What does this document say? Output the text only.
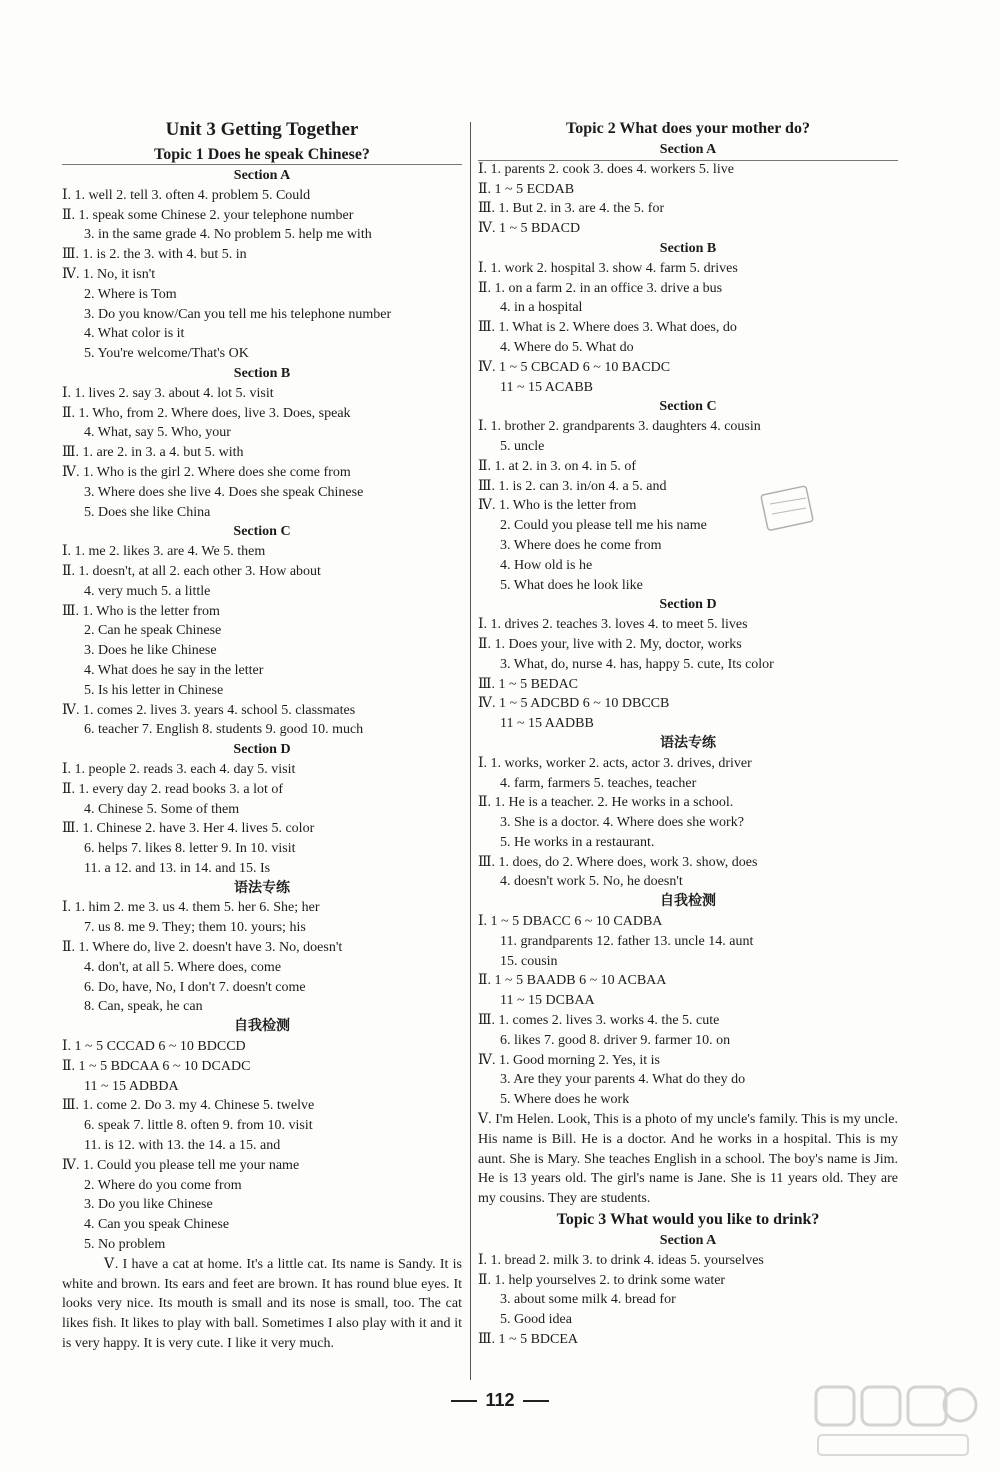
Unit 3 Getting Together
Topic 1 Does he speak Chinese?
Section A
Ⅰ. 1. well 2. tell 3. often 4. problem 5. Could
Ⅱ. 1. speak some Chinese 2. your telephone number
3. in the same grade 4. No problem 5. help me with
Ⅲ. 1. is 2. the 3. with 4. but 5. in
Ⅳ. 1. No, it isn't
2. Where is Tom
3. Do you know/Can you tell me his telephone number
4. What color is it
5. You're welcome/That's OK
Section B
Ⅰ. 1. lives 2. say 3. about 4. lot 5. visit
Ⅱ. 1. Who, from 2. Where does, live 3. Does, speak
4. What, say 5. Who, your
Ⅲ. 1. are 2. in 3. a 4. but 5. with
Ⅳ. 1. Who is the girl 2. Where does she come from
3. Where does she live 4. Does she speak Chinese
5. Does she like China
Section C
Ⅰ. 1. me 2. likes 3. are 4. We 5. them
Ⅱ. 1. doesn't, at all 2. each other 3. How about
4. very much 5. a little
Ⅲ. 1. Who is the letter from
2. Can he speak Chinese
3. Does he like Chinese
4. What does he say in the letter
5. Is his letter in Chinese
Ⅳ. 1. comes 2. lives 3. years 4. school 5. classmates
6. teacher 7. English 8. students 9. good 10. much
Section D
Ⅰ. 1. people 2. reads 3. each 4. day 5. visit
Ⅱ. 1. every day 2. read books 3. a lot of
4. Chinese 5. Some of them
Ⅲ. 1. Chinese 2. have 3. Her 4. lives 5. color
6. helps 7. likes 8. letter 9. In 10. visit
11. a 12. and 13. in 14. and 15. Is
语法专练
Ⅰ. 1. him 2. me 3. us 4. them 5. her 6. She; her
7. us 8. me 9. They; them 10. yours; his
Ⅱ. 1. Where do, live 2. doesn't have 3. No, doesn't
4. don't, at all 5. Where does, come
6. Do, have, No, I don't 7. doesn't come
8. Can, speak, he can
自我检测
Ⅰ. 1 ~ 5 CCCAD 6 ~ 10 BDCCD
Ⅱ. 1 ~ 5 BDCAA 6 ~ 10 DCADC
11 ~ 15 ADBDA
Ⅲ. 1. come 2. Do 3. my 4. Chinese 5. twelve
6. speak 7. little 8. often 9. from 10. visit
11. is 12. with 13. the 14. a 15. and
Ⅳ. 1. Could you please tell me your name
2. Where do you come from
3. Do you like Chinese
4. Can you speak Chinese
5. No problem
Ⅴ. I have a cat at home. It's a little cat. Its name is Sandy. It is white and brown. Its ears and feet are brown. It has round blue eyes. It looks very nice. Its mouth is small and its nose is small, too. The cat likes fish. It likes to play with ball. Sometimes I also play with it and it is very happy. It is very cute. I like it very much.
Topic 2 What does your mother do?
Section A
Ⅰ. 1. parents 2. cook 3. does 4. workers 5. live
Ⅱ. 1 ~ 5 ECDAB
Ⅲ. 1. But 2. in 3. are 4. the 5. for
Ⅳ. 1 ~ 5 BDACD
Section B
Ⅰ. 1. work 2. hospital 3. show 4. farm 5. drives
Ⅱ. 1. on a farm 2. in an office 3. drive a bus
4. in a hospital
Ⅲ. 1. What is 2. Where does 3. What does, do
4. Where do 5. What do
Ⅳ. 1 ~ 5 CBCAD 6 ~ 10 BACDC
11 ~ 15 ACABB
Section C
Ⅰ. 1. brother 2. grandparents 3. daughters 4. cousin
5. uncle
Ⅱ. 1. at 2. in 3. on 4. in 5. of
Ⅲ. 1. is 2. can 3. in/on 4. a 5. and
Ⅳ. 1. Who is the letter from
2. Could you please tell me his name
3. Where does he come from
4. How old is he
5. What does he look like
Section D
Ⅰ. 1. drives 2. teaches 3. loves 4. to meet 5. lives
Ⅱ. 1. Does your, live with 2. My, doctor, works
3. What, do, nurse 4. has, happy 5. cute, Its color
Ⅲ. 1 ~ 5 BEDAC
Ⅳ. 1 ~ 5 ADCBD 6 ~ 10 DBCCB
11 ~ 15 AADBB
语法专练
Ⅰ. 1. works, worker 2. acts, actor 3. drives, driver
4. farm, farmers 5. teaches, teacher
Ⅱ. 1. He is a teacher. 2. He works in a school.
3. She is a doctor. 4. Where does she work?
5. He works in a restaurant.
Ⅲ. 1. does, do 2. Where does, work 3. show, does
4. doesn't work 5. No, he doesn't
自我检测
Ⅰ. 1 ~ 5 DBACC 6 ~ 10 CADBA
11. grandparents 12. father 13. uncle 14. aunt
15. cousin
Ⅱ. 1 ~ 5 BAADB 6 ~ 10 ACBAA
11 ~ 15 DCBAA
Ⅲ. 1. comes 2. lives 3. works 4. the 5. cute
6. likes 7. good 8. driver 9. farmer 10. on
Ⅳ. 1. Good morning 2. Yes, it is
3. Are they your parents 4. What do they do
5. Where does he work
Ⅴ. I'm Helen. Look, This is a photo of my uncle's family. This is my uncle. His name is Bill. He is a doctor. And he works in a hospital. This is my aunt. She is Mary. She teaches English in a school. The boy's name is Jim. He is 13 years old. The girl's name is Jane. She is 11 years old. They are my cousins. They are students.
Topic 3 What would you like to drink?
Section A
Ⅰ. 1. bread 2. milk 3. to drink 4. ideas 5. yourselves
Ⅱ. 1. help yourselves 2. to drink some water
3. about some milk 4. bread for
5. Good idea
Ⅲ. 1 ~ 5 BDCEA
112
